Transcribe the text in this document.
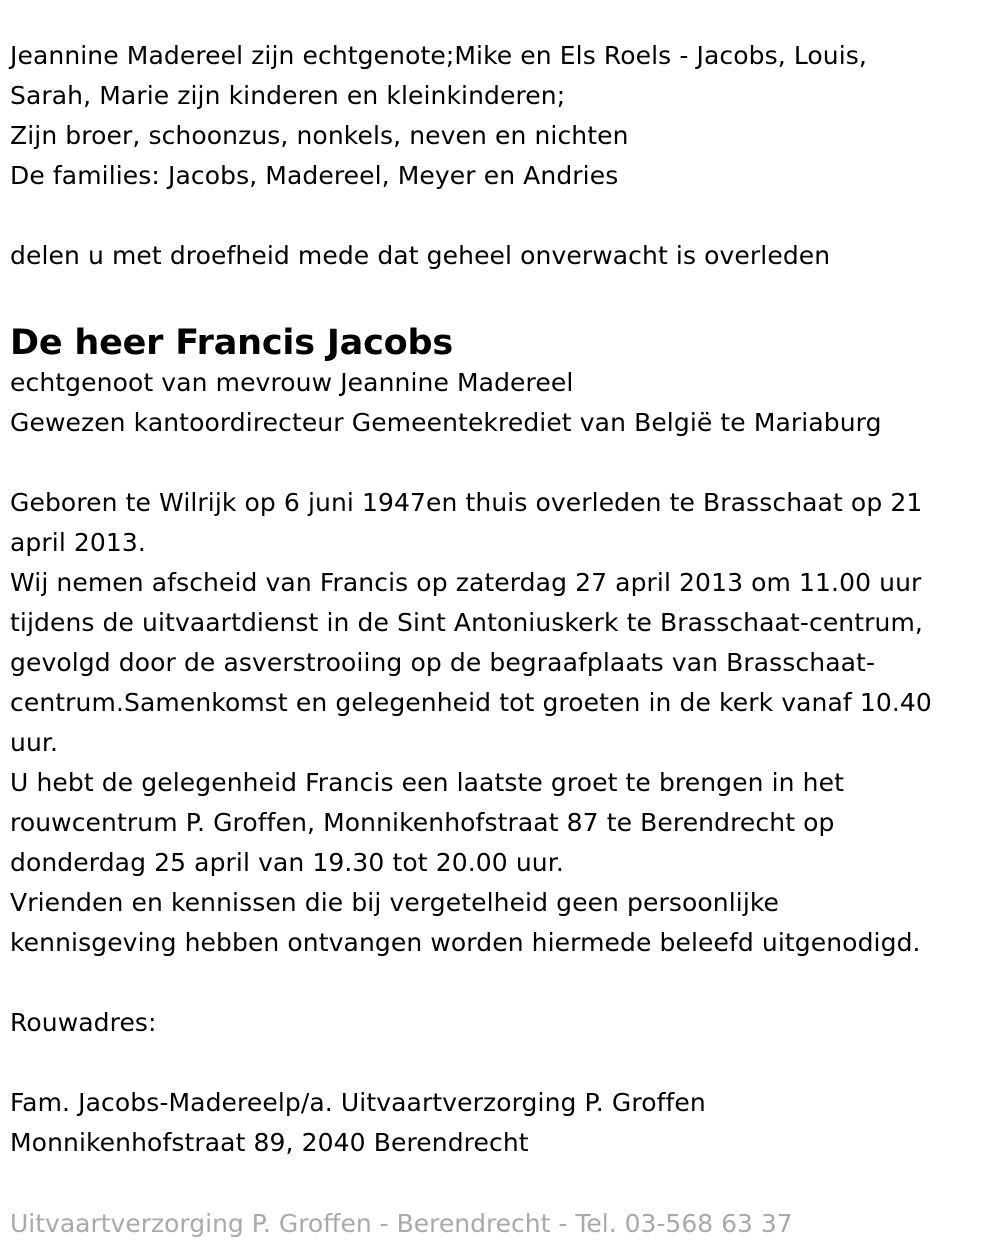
Jeannine Madereel zijn echtgenote;Mike en Els Roels - Jacobs, Louis,
Sarah, Marie zijn kinderen en kleinkinderen;
Zijn broer, schoonzus, nonkels, neven en nichten
De families: Jacobs, Madereel, Meyer en Andries
delen u met droefheid mede dat geheel onverwacht is overleden
De heer Francis Jacobs
echtgenoot van mevrouw Jeannine Madereel
Gewezen kantoordirecteur Gemeentekrediet van België te Mariaburg
Geboren te Wilrijk op 6 juni 1947en thuis overleden te Brasschaat op 21
april 2013.
Wij nemen afscheid van Francis op zaterdag 27 april 2013 om 11.00 uur
tijdens de uitvaartdienst in de Sint Antoniuskerk te Brasschaat-centrum,
gevolgd door de asverstrooiing op de begraafplaats van Brasschaat-
centrum.Samenkomst en gelegenheid tot groeten in de kerk vanaf 10.40
uur.
U hebt de gelegenheid Francis een laatste groet te brengen in het
rouwcentrum P. Groffen, Monnikenhofstraat 87 te Berendrecht op
donderdag 25 april van 19.30 tot 20.00 uur.
Vrienden en kennissen die bij vergetelheid geen persoonlijke
kennisgeving hebben ontvangen worden hiermede beleefd uitgenodigd.
Rouwadres:
Fam. Jacobs-Madereelp/a. Uitvaartverzorging P. Groffen
Monnikenhofstraat 89, 2040 Berendrecht
Uitvaartverzorging P. Groffen - Berendrecht - Tel. 03-568 63 37
